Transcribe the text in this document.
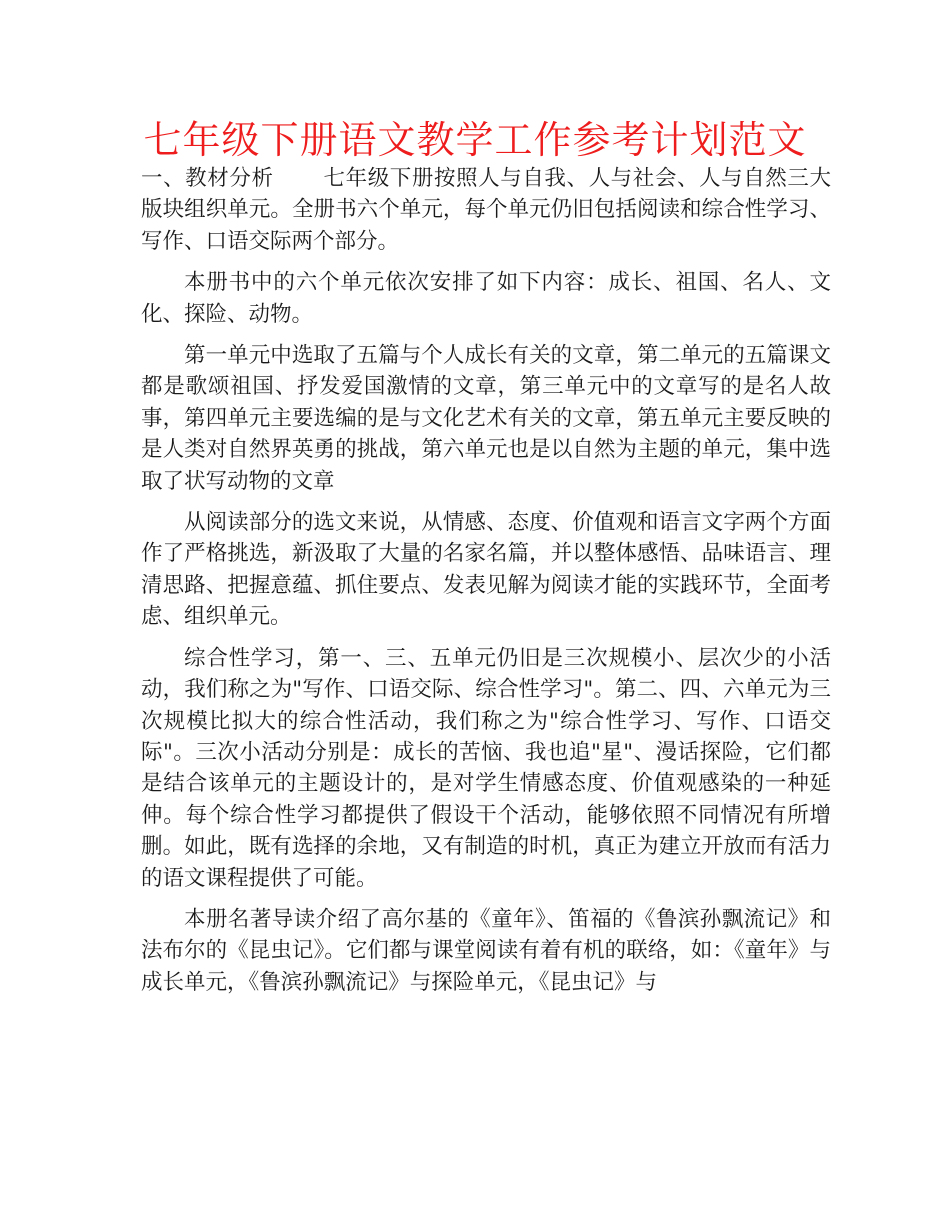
七年级下册语文教学工作参考计划范文

一、教材分析 七年级下册按照人与自我、人与社会、人与自然三大版块组织单元。全册书六个单元，每个单元仍旧包括阅读和综合性学习、写作、口语交际两个部分。

本册书中的六个单元依次安排了如下内容：成长、祖国、名人、文化、探险、动物。

第一单元中选取了五篇与个人成长有关的文章，第二单元的五篇课文都是歌颂祖国、抒发爱国激情的文章，第三单元中的文章写的是名人故事，第四单元主要选编的是与文化艺术有关的文章，第五单元主要反映的是人类对自然界英勇的挑战，第六单元也是以自然为主题的单元，集中选取了状写动物的文章

从阅读部分的选文来说，从情感、态度、价值观和语言文字两个方面作了严格挑选，新汲取了大量的名家名篇，并以整体感悟、品味语言、理清思路、把握意蕴、抓住要点、发表见解为阅读才能的实践环节，全面考虑、组织单元。

综合性学习，第一、三、五单元仍旧是三次规模小、层次少的小活动，我们称之为"写作、口语交际、综合性学习"。第二、四、六单元为三次规模比拟大的综合性活动，我们称之为"综合性学习、写作、口语交际"。三次小活动分别是：成长的苦恼、我也追"星"、漫话探险，它们都是结合该单元的主题设计的，是对学生情感态度、价值观感染的一种延伸。每个综合性学习都提供了假设干个活动，能够依照不同情况有所增删。如此，既有选择的余地，又有制造的时机，真正为建立开放而有活力的语文课程提供了可能。

本册名著导读介绍了高尔基的《童年》、笛福的《鲁滨孙飘流记》和法布尔的《昆虫记》。它们都与课堂阅读有着有机的联络，如：《童年》与成长单元，《鲁滨孙飘流记》与探险单元，《昆虫记》与
